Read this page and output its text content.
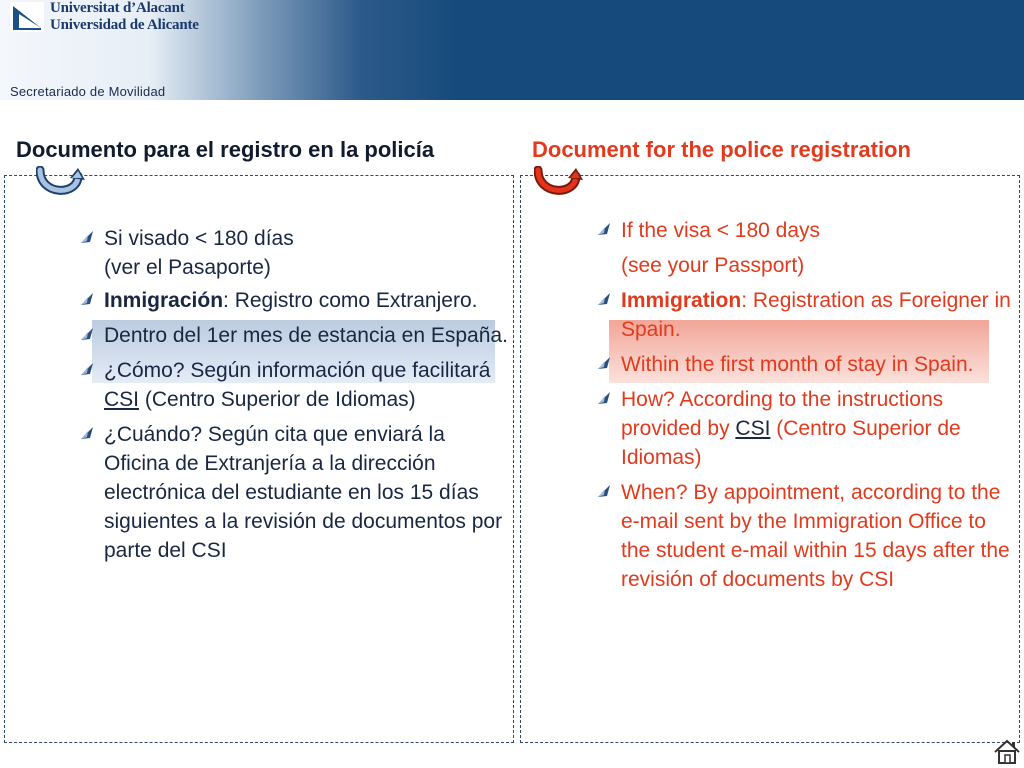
Universitat d’Alacant
Universidad de Alicante
Secretariado de Movilidad
Documento para el registro en la policía	Document for the police registration
Si visado < 180 días
(ver el Pasaporte)
Inmigración: Registro como Extranjero.
Dentro del 1er mes de estancia en España.
¿Cómo? Según información que facilitará CSI (Centro Superior de Idiomas)
¿Cuándo? Según cita que enviará la Oficina de Extranjería a la dirección electrónica del estudiante en los 15 días siguientes a la revisión de documentos por parte del CSI
If the visa < 180 days
(see your Passport)
Immigration: Registration as Foreigner in Spain.
Within the first month of stay in Spain.
How? According to the instructions provided by CSI (Centro Superior de Idiomas)
When? By appointment, according to the e-mail sent by the Immigration Office to the student e-mail within 15 days after the revisión of documents by CSI
